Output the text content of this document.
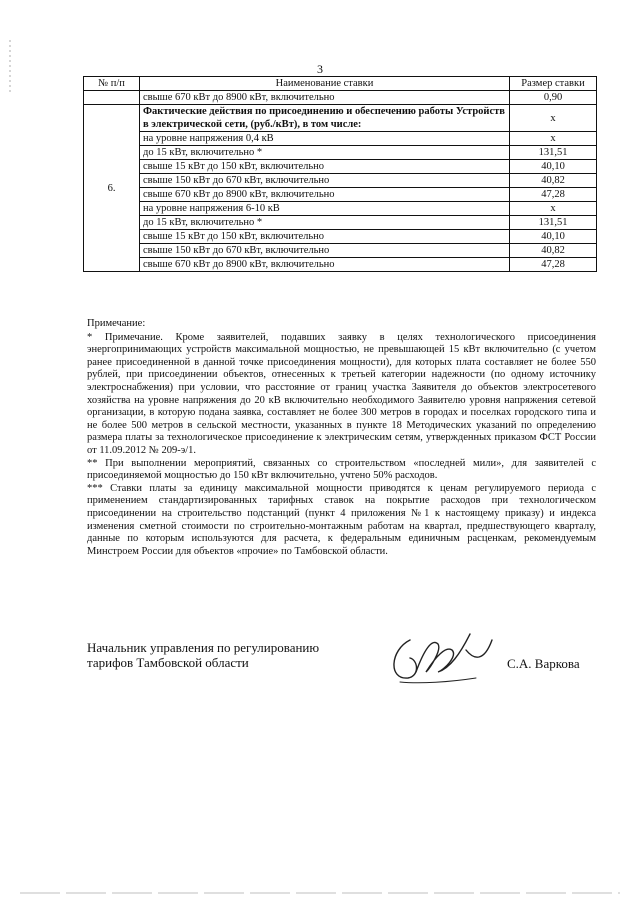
3
№ п/п	Наименование ставки	Размер ставки
	свыше 670 кВт до 8900 кВт, включительно	0,90
6.	Фактические действия по присоединению и обеспечению работы Устройств в электрической сети, (руб./кВт), в том числе:	x
	на уровне напряжения 0,4 кВ	x
	до 15 кВт, включительно *	131,51
	свыше 15 кВт до 150 кВт, включительно	40,10
	свыше 150 кВт до 670 кВт, включительно	40,82
	свыше 670 кВт до 8900 кВт, включительно	47,28
	на уровне напряжения 6-10 кВ	x
	до 15 кВт, включительно *	131,51
	свыше 15 кВт до 150 кВт, включительно	40,10
	свыше 150 кВт до 670 кВт, включительно	40,82
	свыше 670 кВт до 8900 кВт, включительно	47,28

Примечание:

* Примечание. Кроме заявителей, подавших заявку в целях технологического присоединения энергопринимающих устройств максимальной мощностью, не превышающей 15 кВт включительно (с учетом ранее присоединенной в данной точке присоединения мощности), для которых плата составляет не более 550 рублей, при присоединении объектов, отнесенных к третьей категории надежности (по одному источнику электроснабжения) при условии, что расстояние от границ участка Заявителя до объектов электросетевого хозяйства на уровне напряжения до 20 кВ включительно необходимого Заявителю уровня напряжения сетевой организации, в которую подана заявка, составляет не более 300 метров в городах и поселках городского типа и не более 500 метров в сельской местности, указанных в пункте 18 Методических указаний по определению размера платы за технологическое присоединение к электрическим сетям, утвержденных приказом ФСТ России от 11.09.2012 № 209-э/1.

** При выполнении мероприятий, связанных со строительством «последней мили», для заявителей с присоединяемой мощностью до 150 кВт включительно, учтено 50% расходов.

*** Ставки платы за единицу максимальной мощности приводятся к ценам регулируемого периода с применением стандартизированных тарифных ставок на покрытие расходов при технологическом присоединении на строительство подстанций (пункт 4 приложения №1 к настоящему приказу) и индекса изменения сметной стоимости по строительно-монтажным работам на квартал, предшествующего кварталу, данные по которым используются для расчета, к федеральным единичным расценкам, рекомендуемым Минстроем России для объектов «прочие» по Тамбовской области.

Начальник управления по регулированию
тарифов Тамбовской области	С.А. Варкова
